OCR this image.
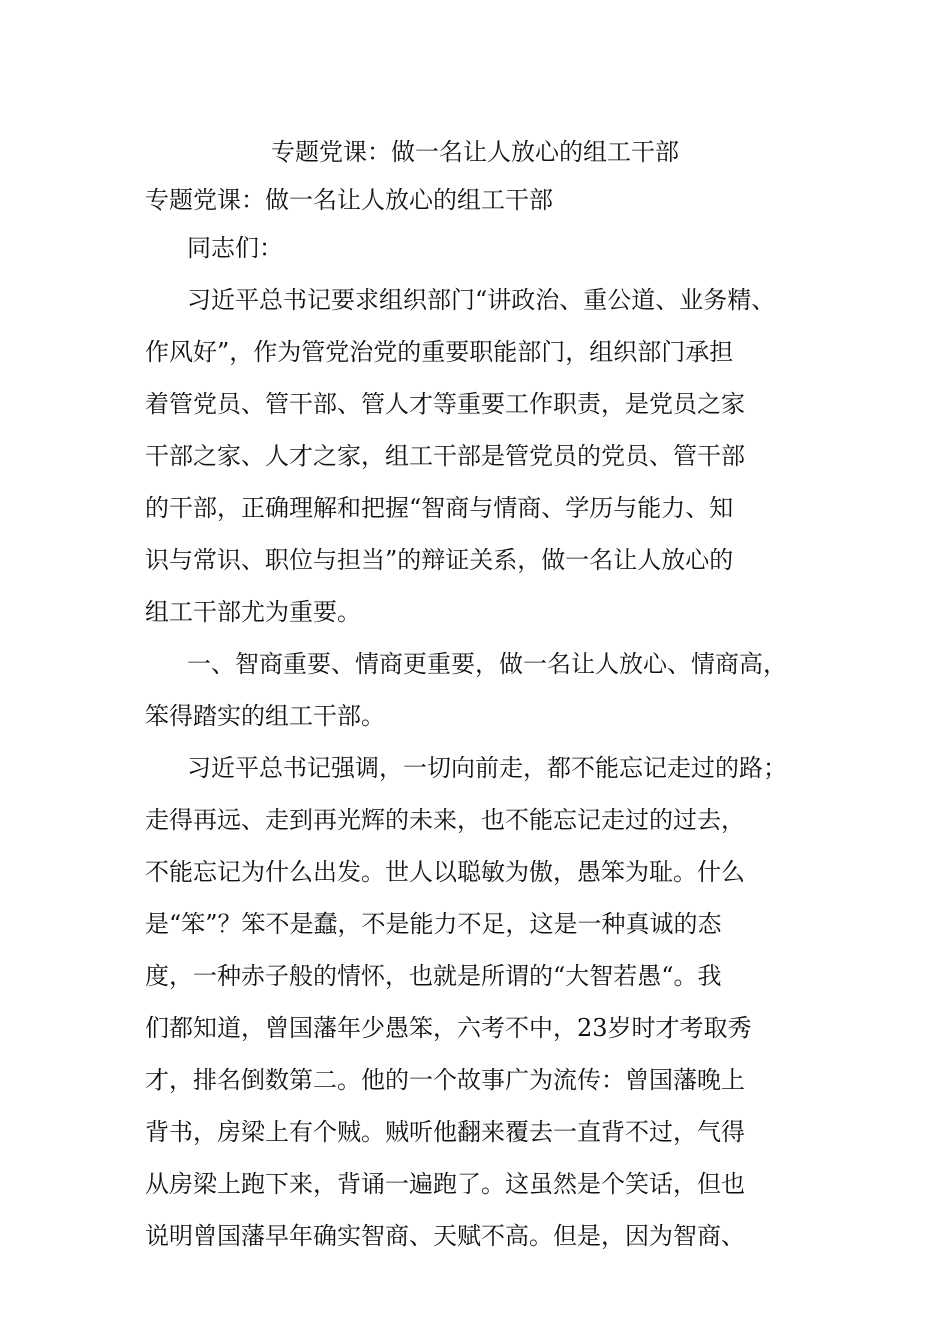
专题党课：做一名让人放心的组工干部
专题党课：做一名让人放心的组工干部
同志们：
习近平总书记要求组织部门“讲政治、重公道、业务精、
作风好”，作为管党治党的重要职能部门，组织部门承担
着管党员、管干部、管人才等重要工作职责，是党员之家
干部之家、人才之家，组工干部是管党员的党员、管干部
的干部，正确理解和把握“智商与情商、学历与能力、知
识与常识、职位与担当”的辩证关系，做一名让人放心的
组工干部尤为重要。
一、智商重要、情商更重要，做一名让人放心、情商高，
笨得踏实的组工干部。
习近平总书记强调，一切向前走，都不能忘记走过的路；
走得再远、走到再光辉的未来，也不能忘记走过的过去，
不能忘记为什么出发。世人以聪敏为傲，愚笨为耻。什么
是“笨”？笨不是蠢，不是能力不足，这是一种真诚的态
度，一种赤子般的情怀，也就是所谓的“大智若愚“。我
们都知道，曾国藩年少愚笨，六考不中，23岁时才考取秀
才，排名倒数第二。他的一个故事广为流传：曾国藩晚上
背书，房梁上有个贼。贼听他翻来覆去一直背不过，气得
从房梁上跑下来，背诵一遍跑了。这虽然是个笑话，但也
说明曾国藩早年确实智商、天赋不高。但是，因为智商、
